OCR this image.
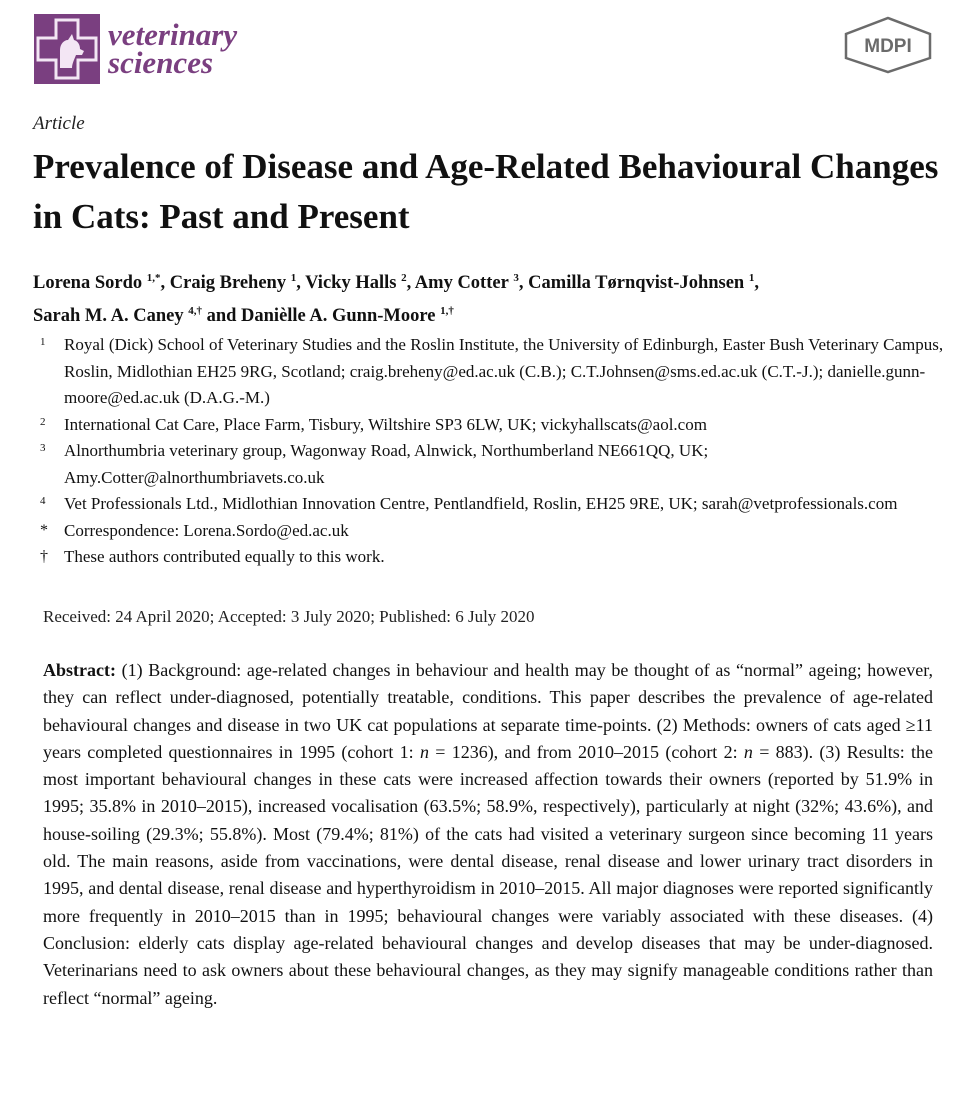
veterinary
sciences	MDPI
Article
Prevalence of Disease and Age-Related Behavioural Changes in Cats: Past and Present
Lorena Sordo $^{1,*}$, Craig Breheny $^1$, Vicky Halls $^2$, Amy Cotter $^3$, Camilla Tørnqvist-Johnsen $^1$,
Sarah M. A. Caney $^{4,\dagger}$ and Danièlle A. Gunn-Moore $^{1,\dagger}$
1	Royal (Dick) School of Veterinary Studies and the Roslin Institute, the University of Edinburgh, Easter Bush Veterinary Campus, Roslin, Midlothian EH25 9RG, Scotland; craig.breheny@ed.ac.uk (C.B.); C.T.Johnsen@sms.ed.ac.uk (C.T.-J.); danielle.gunn-moore@ed.ac.uk (D.A.G.-M.)
2	International Cat Care, Place Farm, Tisbury, Wiltshire SP3 6LW, UK; vickyhallscats@aol.com
3	Alnorthumbria veterinary group, Wagonway Road, Alnwick, Northumberland NE661QQ, UK; Amy.Cotter@alnorthumbriavets.co.uk
4	Vet Professionals Ltd., Midlothian Innovation Centre, Pentlandfield, Roslin, EH25 9RE, UK; sarah@vetprofessionals.com
* Correspondence: Lorena.Sordo@ed.ac.uk
† These authors contributed equally to this work.
Received: 24 April 2020; Accepted: 3 July 2020; Published: 6 July 2020
Abstract: (1) Background: age-related changes in behaviour and health may be thought of as “normal” ageing; however, they can reflect under-diagnosed, potentially treatable, conditions. This paper describes the prevalence of age-related behavioural changes and disease in two UK cat populations at separate time-points. (2) Methods: owners of cats aged ≥11 years completed questionnaires in 1995 (cohort 1: n = 1236), and from 2010–2015 (cohort 2: n = 883). (3) Results: the most important behavioural changes in these cats were increased affection towards their owners (reported by 51.9% in 1995; 35.8% in 2010–2015), increased vocalisation (63.5%; 58.9%, respectively), particularly at night (32%; 43.6%), and house-soiling (29.3%; 55.8%). Most (79.4%; 81%) of the cats had visited a veterinary surgeon since becoming 11 years old. The main reasons, aside from vaccinations, were dental disease, renal disease and lower urinary tract disorders in 1995, and dental disease, renal disease and hyperthyroidism in 2010–2015. All major diagnoses were reported significantly more frequently in 2010–2015 than in 1995; behavioural changes were variably associated with these diseases. (4) Conclusion: elderly cats display age-related behavioural changes and develop diseases that may be under-diagnosed. Veterinarians need to ask owners about these behavioural changes, as they may signify manageable conditions rather than reflect “normal” ageing.
